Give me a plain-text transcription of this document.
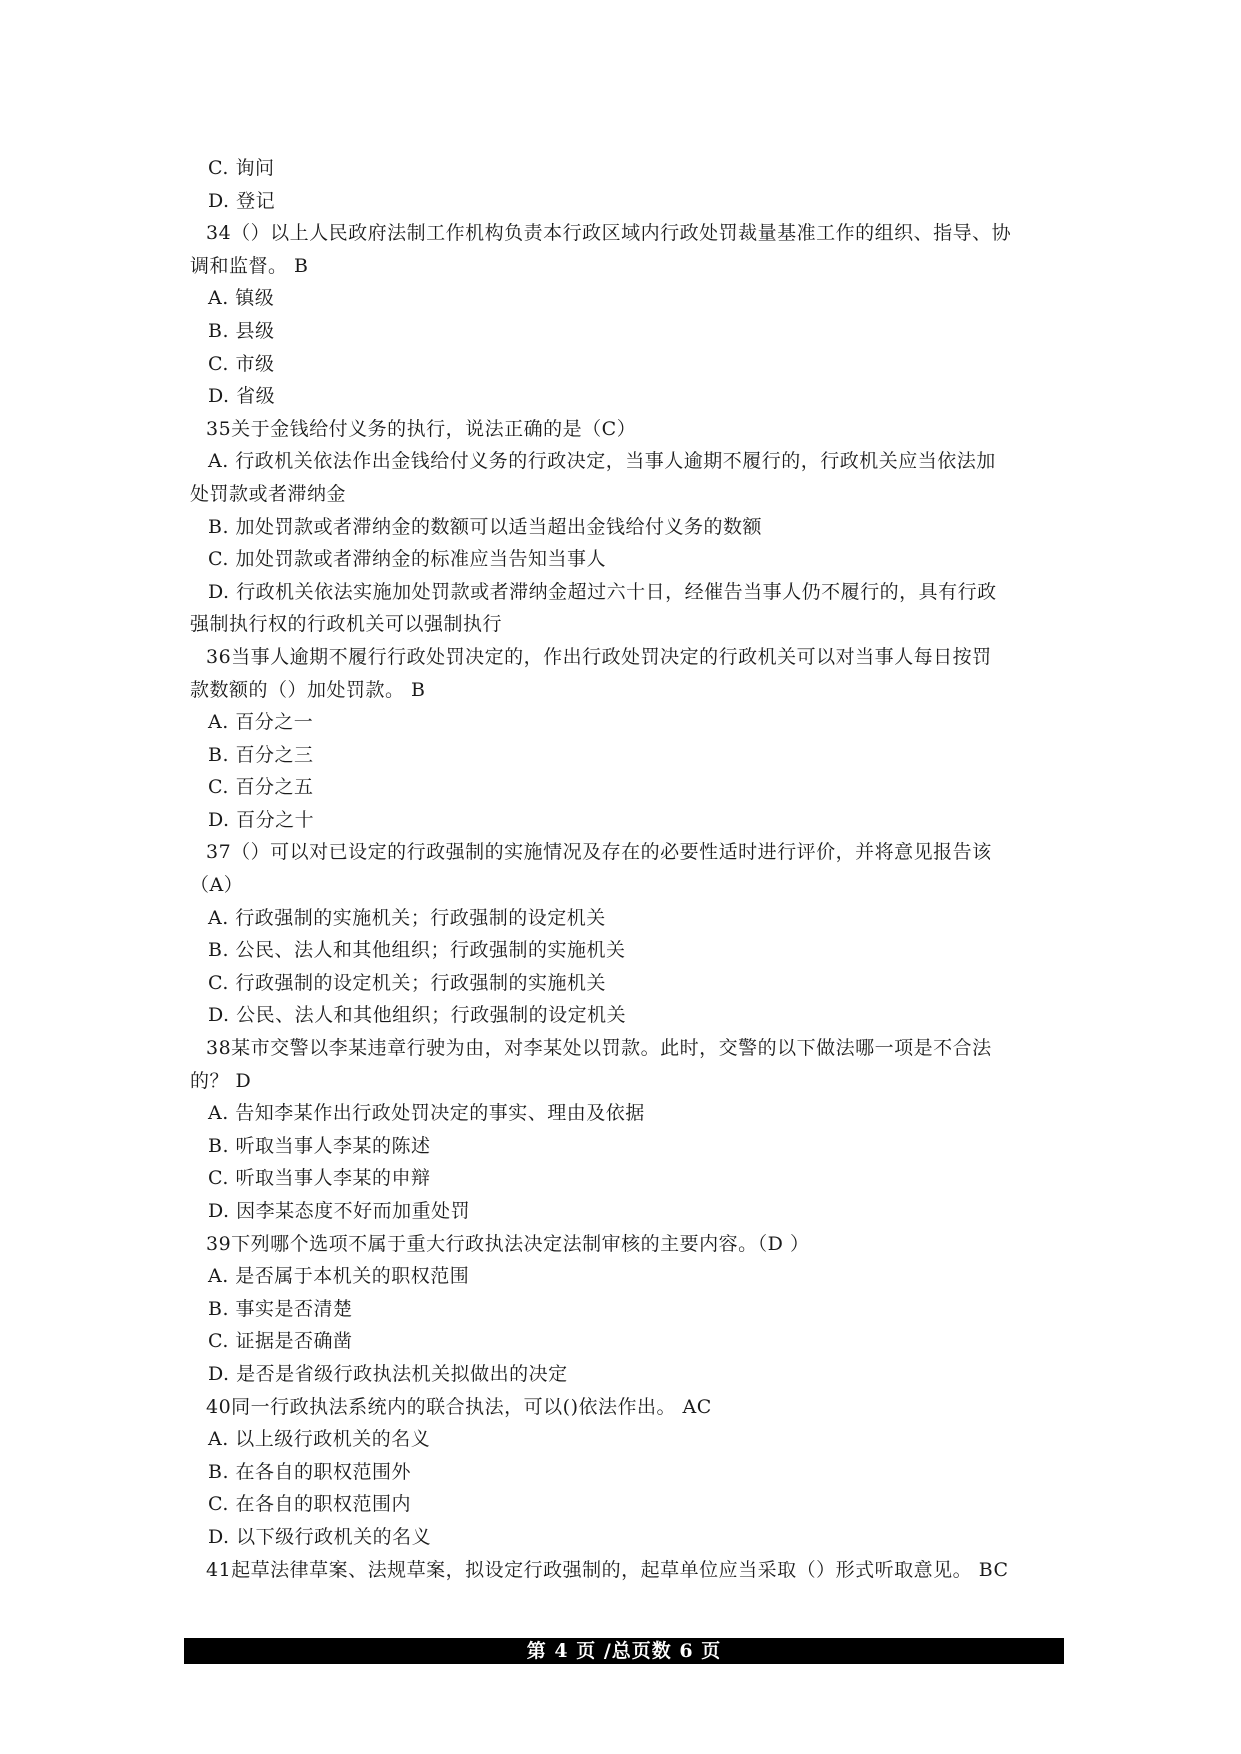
C. 询问
D. 登记
34（）以上人民政府法制工作机构负责本行政区域内行政处罚裁量基准工作的组织、指导、协
调和监督。 B
A. 镇级
B. 县级
C. 市级
D. 省级
35关于金钱给付义务的执行，说法正确的是（C）
A. 行政机关依法作出金钱给付义务的行政决定，当事人逾期不履行的，行政机关应当依法加
处罚款或者滞纳金
B. 加处罚款或者滞纳金的数额可以适当超出金钱给付义务的数额
C. 加处罚款或者滞纳金的标准应当告知当事人
D. 行政机关依法实施加处罚款或者滞纳金超过六十日，经催告当事人仍不履行的，具有行政
强制执行权的行政机关可以强制执行
36当事人逾期不履行行政处罚决定的，作出行政处罚决定的行政机关可以对当事人每日按罚
款数额的（）加处罚款。 B
A. 百分之一
B. 百分之三
C. 百分之五
D. 百分之十
37（）可以对已设定的行政强制的实施情况及存在的必要性适时进行评价，并将意见报告该
（A）
A. 行政强制的实施机关；行政强制的设定机关
B. 公民、法人和其他组织；行政强制的实施机关
C. 行政强制的设定机关；行政强制的实施机关
D. 公民、法人和其他组织；行政强制的设定机关
38某市交警以李某违章行驶为由，对李某处以罚款。此时，交警的以下做法哪一项是不合法
的？ D
A. 告知李某作出行政处罚决定的事实、理由及依据
B. 听取当事人李某的陈述
C. 听取当事人李某的申辩
D. 因李某态度不好而加重处罚
39下列哪个选项不属于重大行政执法决定法制审核的主要内容。（D ）
A. 是否属于本机关的职权范围
B. 事实是否清楚
C. 证据是否确凿
D. 是否是省级行政执法机关拟做出的决定
40同一行政执法系统内的联合执法，可以()依法作出。 AC
A. 以上级行政机关的名义
B. 在各自的职权范围外
C. 在各自的职权范围内
D. 以下级行政机关的名义
41起草法律草案、法规草案，拟设定行政强制的，起草单位应当采取（）形式听取意见。 BC
第 4 页 /总页数 6 页
